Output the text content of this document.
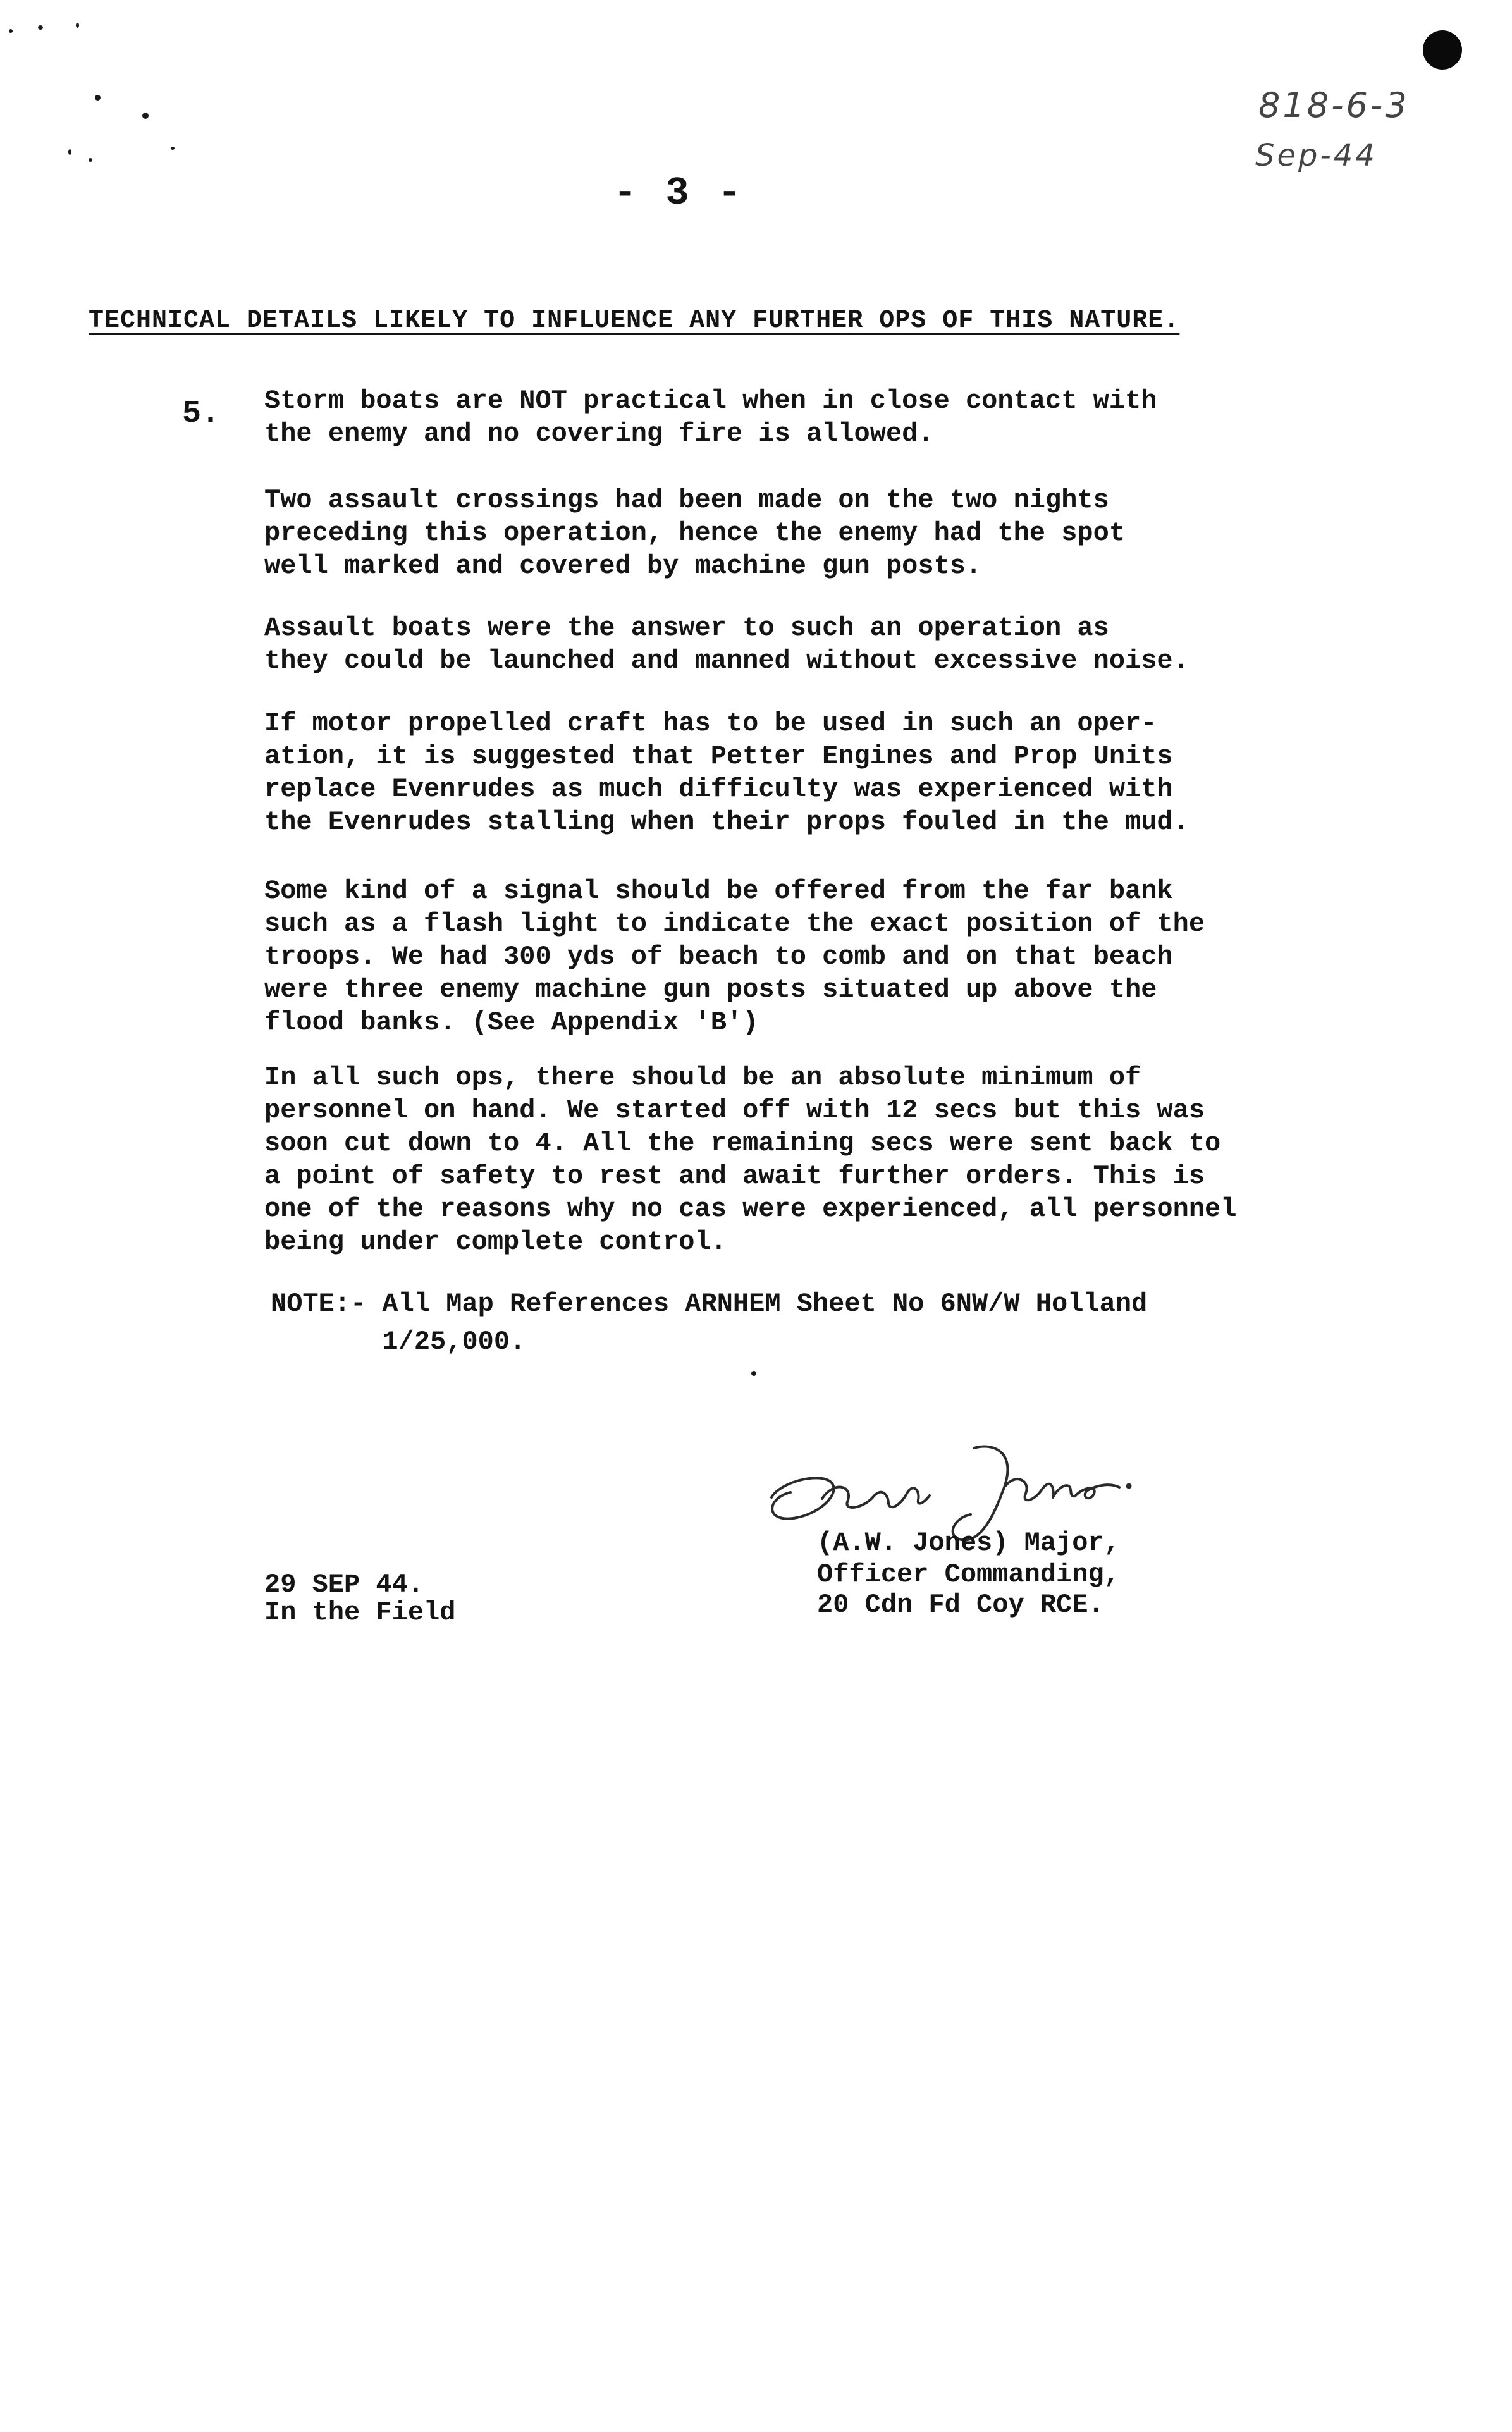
818-6-3
Sep-44
- 3 -
TECHNICAL DETAILS LIKELY TO INFLUENCE ANY FURTHER OPS OF THIS NATURE.
5. Storm boats are NOT practical when in close contact with
the enemy and no covering fire is allowed.

Two assault crossings had been made on the two nights
preceding this operation, hence the enemy had the spot
well marked and covered by machine gun posts.

Assault boats were the answer to such an operation as
they could be launched and manned without excessive noise.

If motor propelled craft has to be used in such an oper-
ation, it is suggested that Petter Engines and Prop Units
replace Evenrudes as much difficulty was experienced with
the Evenrudes stalling when their props fouled in the mud.

Some kind of a signal should be offered from the far bank
such as a flash light to indicate the exact position of the
troops. We had 300 yds of beach to comb and on that beach
were three enemy machine gun posts situated up above the
flood banks. (See Appendix 'B')

In all such ops, there should be an absolute minimum of
personnel on hand. We started off with 12 secs but this was
soon cut down to 4. All the remaining secs were sent back to
a point of safety to rest and await further orders. This is
one of the reasons why no cas were experienced, all personnel
being under complete control.

NOTE:- All Map References ARNHEM Sheet No 6NW/W Holland
1/25,000.

29 SEP 44.
In the Field
(A.W. Jones) Major,
Officer Commanding,
20 Cdn Fd Coy RCE.
